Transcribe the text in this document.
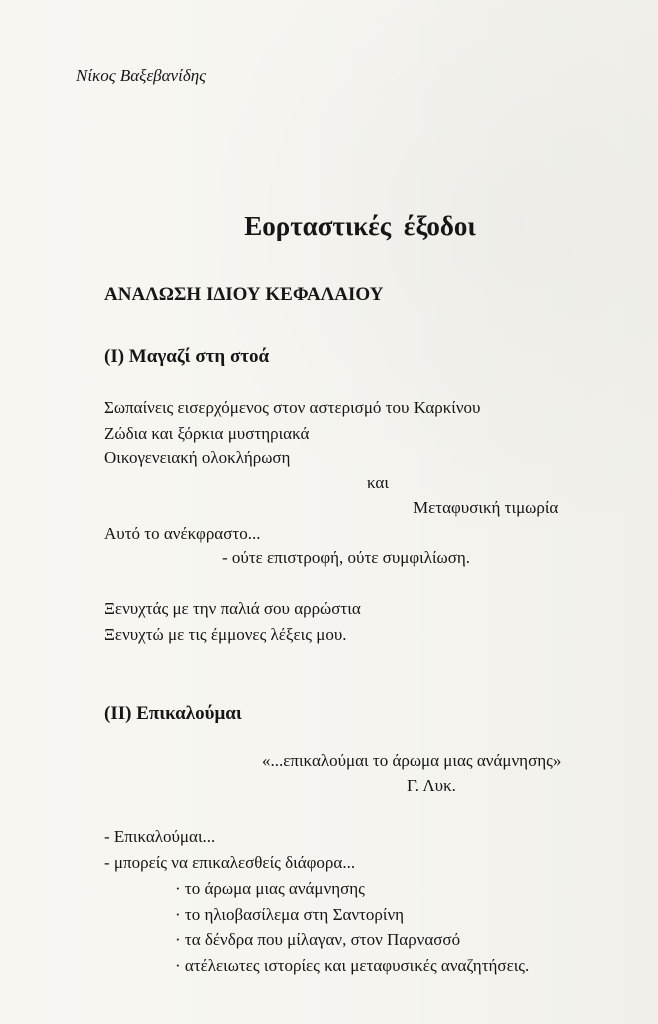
Νίκος Βαξεβανίδης
Εορταστικές έξοδοι
ΑΝΑΛΩΣΗ ΙΔΙΟΥ ΚΕΦΑΛΑΙΟΥ
(Ι) Μαγαζί στη στοά
Σωπαίνεις εισερχόμενος στον αστερισμό του Καρκίνου
Ζώδια και ξόρκια μυστηριακά
Οικογενειακή ολοκλήρωση
και
Μεταφυσική τιμωρία
Αυτό το ανέκφραστο...
- ούτε επιστροφή, ούτε συμφιλίωση.
Ξενυχτάς με την παλιά σου αρρώστια
Ξενυχτώ με τις έμμονες λέξεις μου.
(ΙΙ) Επικαλούμαι
«...επικαλούμαι το άρωμα μιας ανάμνησης»
Γ. Λυκ.
- Επικαλούμαι...
- μπορείς να επικαλεσθείς διάφορα...
· το άρωμα μιας ανάμνησης
· το ηλιοβασίλεμα στη Σαντορίνη
· τα δένδρα που μίλαγαν, στον Παρνασσό
· ατέλειωτες ιστορίες και μεταφυσικές αναζητήσεις.
